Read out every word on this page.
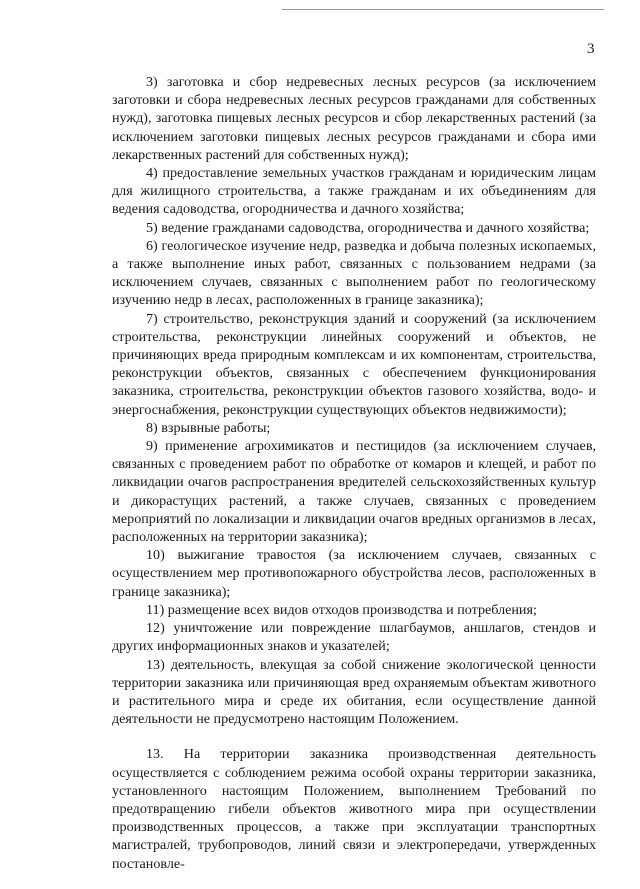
3

3) заготовка и сбор недревесных лесных ресурсов (за исключением заготовки и сбора недревесных лесных ресурсов гражданами для собственных нужд), заготовка пищевых лесных ресурсов и сбор лекарственных растений (за исключением заготовки пищевых лесных ресурсов гражданами и сбора ими лекарственных растений для собственных нужд);

4) предоставление земельных участков гражданам и юридическим лицам для жилищного строительства, а также гражданам и их объединениям для ведения садоводства, огородничества и дачного хозяйства;

5) ведение гражданами садоводства, огородничества и дачного хозяйства;

6) геологическое изучение недр, разведка и добыча полезных ископаемых, а также выполнение иных работ, связанных с пользованием недрами (за исключением случаев, связанных с выполнением работ по геологическому изучению недр в лесах, расположенных в границе заказника);

7) строительство, реконструкция зданий и сооружений (за исключением строительства, реконструкции линейных сооружений и объектов, не причиняющих вреда природным комплексам и их компонентам, строительства, реконструкции объектов, связанных с обеспечением функционирования заказника, строительства, реконструкции объектов газового хозяйства, водо- и энергоснабжения, реконструкции существующих объектов недвижимости);

8) взрывные работы;

9) применение агрохимикатов и пестицидов (за исключением случаев, связанных с проведением работ по обработке от комаров и клещей, и работ по ликвидации очагов распространения вредителей сельскохозяйственных культур и дикорастущих растений, а также случаев, связанных с проведением мероприятий по локализации и ликвидации очагов вредных организмов в лесах, расположенных на территории заказника);

10) выжигание травостоя (за исключением случаев, связанных с осуществлением мер противопожарного обустройства лесов, расположенных в границе заказника);

11) размещение всех видов отходов производства и потребления;

12) уничтожение или повреждение шлагбаумов, аншлагов, стендов и других информационных знаков и указателей;

13) деятельность, влекущая за собой снижение экологической ценности территории заказника или причиняющая вред охраняемым объектам животного и растительного мира и среде их обитания, если осуществление данной деятельности не предусмотрено настоящим Положением.

13. На территории заказника производственная деятельность осуществляется с соблюдением режима особой охраны территории заказника, установленного настоящим Положением, выполнением Требований по предотвращению гибели объектов животного мира при осуществлении производственных процессов, а также при эксплуатации транспортных магистралей, трубопроводов, линий связи и электропередачи, утвержденных постановле-
